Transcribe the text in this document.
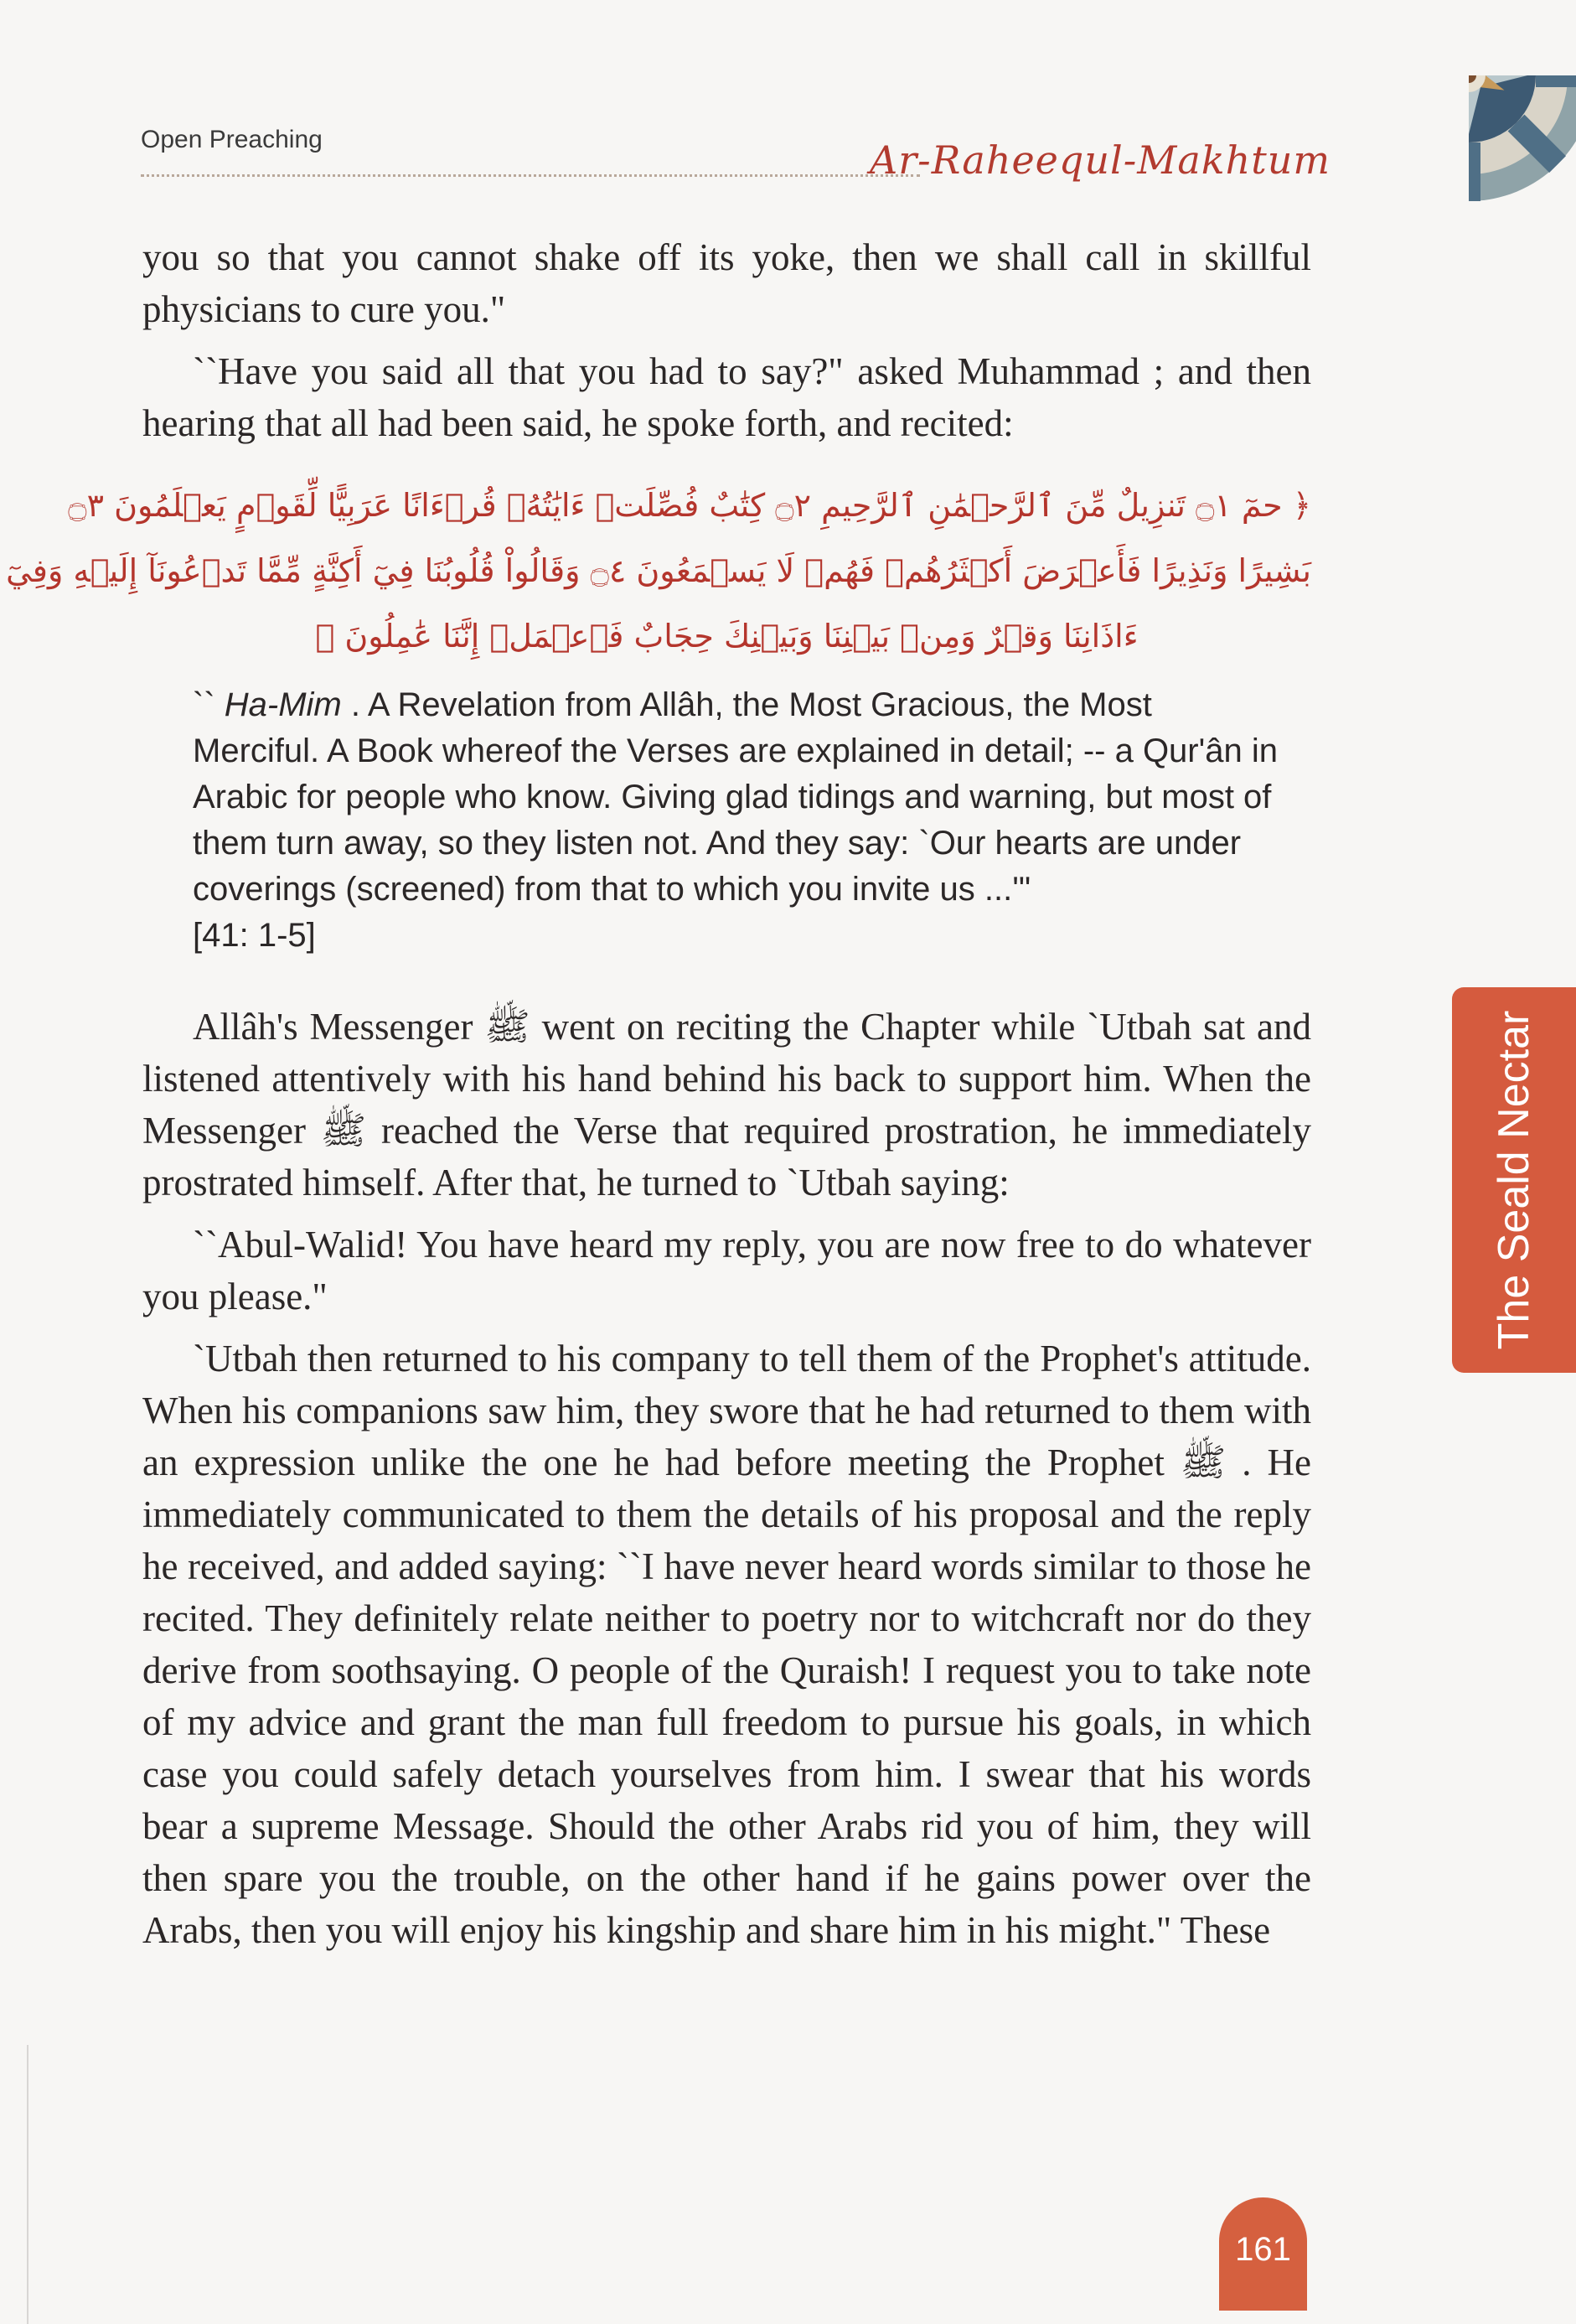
Open Preaching	Ar-Raheequl-Makhtum
The Seald Nectar

you so that you cannot shake off its yoke, then we shall call in skillful physicians to cure you."

``Have you said all that you had to say?" asked Muhammad ; and then hearing that all had been said, he spoke forth, and recited:

﴿ حمٓ ۝١ تَنزِيلٌ مِّنَ ٱلرَّحۡمَٰنِ ٱلرَّحِيمِ ۝٢ كِتَٰبٌ فُصِّلَتۡ ءَايَٰتُهُۥ قُرۡءَانًا عَرَبِيًّا لِّقَوۡمٍ يَعۡلَمُونَ ۝٣
بَشِيرًا وَنَذِيرًا فَأَعۡرَضَ أَكۡثَرُهُمۡ فَهُمۡ لَا يَسۡمَعُونَ ۝٤ وَقَالُواْ قُلُوبُنَا فِيٓ أَكِنَّةٍ مِّمَّا تَدۡعُونَآ إِلَيۡهِ وَفِيٓ
ءَاذَانِنَا وَقۡرٌ وَمِنۢ بَيۡنِنَا وَبَيۡنِكَ حِجَابٌ فَٱعۡمَلۡ إِنَّنَا عَٰمِلُونَ ﴾
`` Ha-Mim . A Revelation from Allâh, the Most Gracious, the Most Merciful. A Book whereof the Verses are explained in detail; -- a Qur'ân in Arabic for people who know. Giving glad tidings and warning, but most of them turn away, so they listen not. And they say: `Our hearts are under coverings (screened) from that to which you invite us ...'"
[41: 1-5]

Allâh's Messenger ﷺ went on reciting the Chapter while `Utbah sat and listened attentively with his hand behind his back to support him. When the Messenger ﷺ reached the Verse that required prostration, he immediately prostrated himself. After that, he turned to `Utbah saying:

``Abul-Walid! You have heard my reply, you are now free to do whatever you please."

`Utbah then returned to his company to tell them of the Prophet's attitude. When his companions saw him, they swore that he had returned to them with an expression unlike the one he had before meeting the Prophet ﷺ . He immediately communicated to them the details of his proposal and the reply he received, and added saying: ``I have never heard words similar to those he recited. They definitely relate neither to poetry nor to witchcraft nor do they derive from soothsaying. O people of the Quraish! I request you to take note of my advice and grant the man full freedom to pursue his goals, in which case you could safely detach yourselves from him. I swear that his words bear a supreme Message. Should the other Arabs rid you of him, they will then spare you the trouble, on the other hand if he gains power over the Arabs, then you will enjoy his kingship and share him in his might." These

161
